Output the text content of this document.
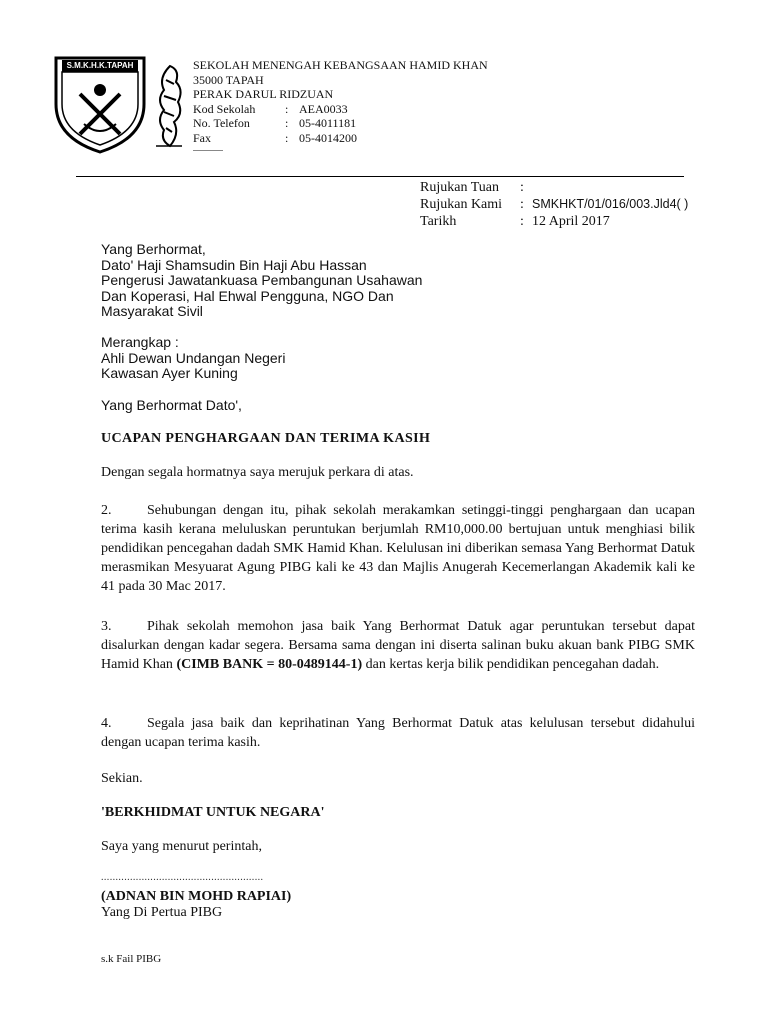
S.M.K.H.K.TAPAH	SEKOLAH MENENGAH KEBANGSAAN HAMID KHAN
35000 TAPAH
PERAK DARUL RIDZUAN
Kod Sekolah	: AEA0033
No. Telefon	: 05-4011181
Fax	: 05-4014200
Rujukan Tuan	:
Rujukan Kami	: SMKHKT/01/016/003.Jld4( )
Tarikh	: 12 April 2017
Yang Berhormat,
Dato' Haji Shamsudin Bin Haji Abu Hassan
Pengerusi Jawatankuasa Pembangunan Usahawan
Dan Koperasi, Hal Ehwal Pengguna, NGO Dan
Masyarakat Sivil
Merangkap :
Ahli Dewan Undangan Negeri
Kawasan Ayer Kuning
Yang Berhormat Dato',
UCAPAN PENGHARGAAN DAN TERIMA KASIH
Dengan segala hormatnya saya merujuk perkara di atas.
2.	Sehubungan dengan itu, pihak sekolah merakamkan setinggi-tinggi penghargaan dan ucapan terima kasih kerana meluluskan peruntukan berjumlah RM10,000.00 bertujuan untuk menghiasi bilik pendidikan pencegahan dadah SMK Hamid Khan. Kelulusan ini diberikan semasa Yang Berhormat Datuk merasmikan Mesyuarat Agung PIBG kali ke 43 dan Majlis Anugerah Kecemerlangan Akademik kali ke 41 pada 30 Mac 2017.
3.	Pihak sekolah memohon jasa baik Yang Berhormat Datuk agar peruntukan tersebut dapat disalurkan dengan kadar segera. Bersama sama dengan ini diserta salinan buku akuan bank PIBG SMK Hamid Khan (CIMB BANK = 80-0489144-1) dan kertas kerja bilik pendidikan pencegahan dadah.
4.	Segala jasa baik dan keprihatinan Yang Berhormat Datuk atas kelulusan tersebut didahului dengan ucapan terima kasih.
Sekian.
'BERKHIDMAT UNTUK NEGARA'
Saya yang menurut perintah,
........................................................
(ADNAN BIN MOHD RAPIAI)
Yang Di Pertua PIBG
s.k Fail PIBG
